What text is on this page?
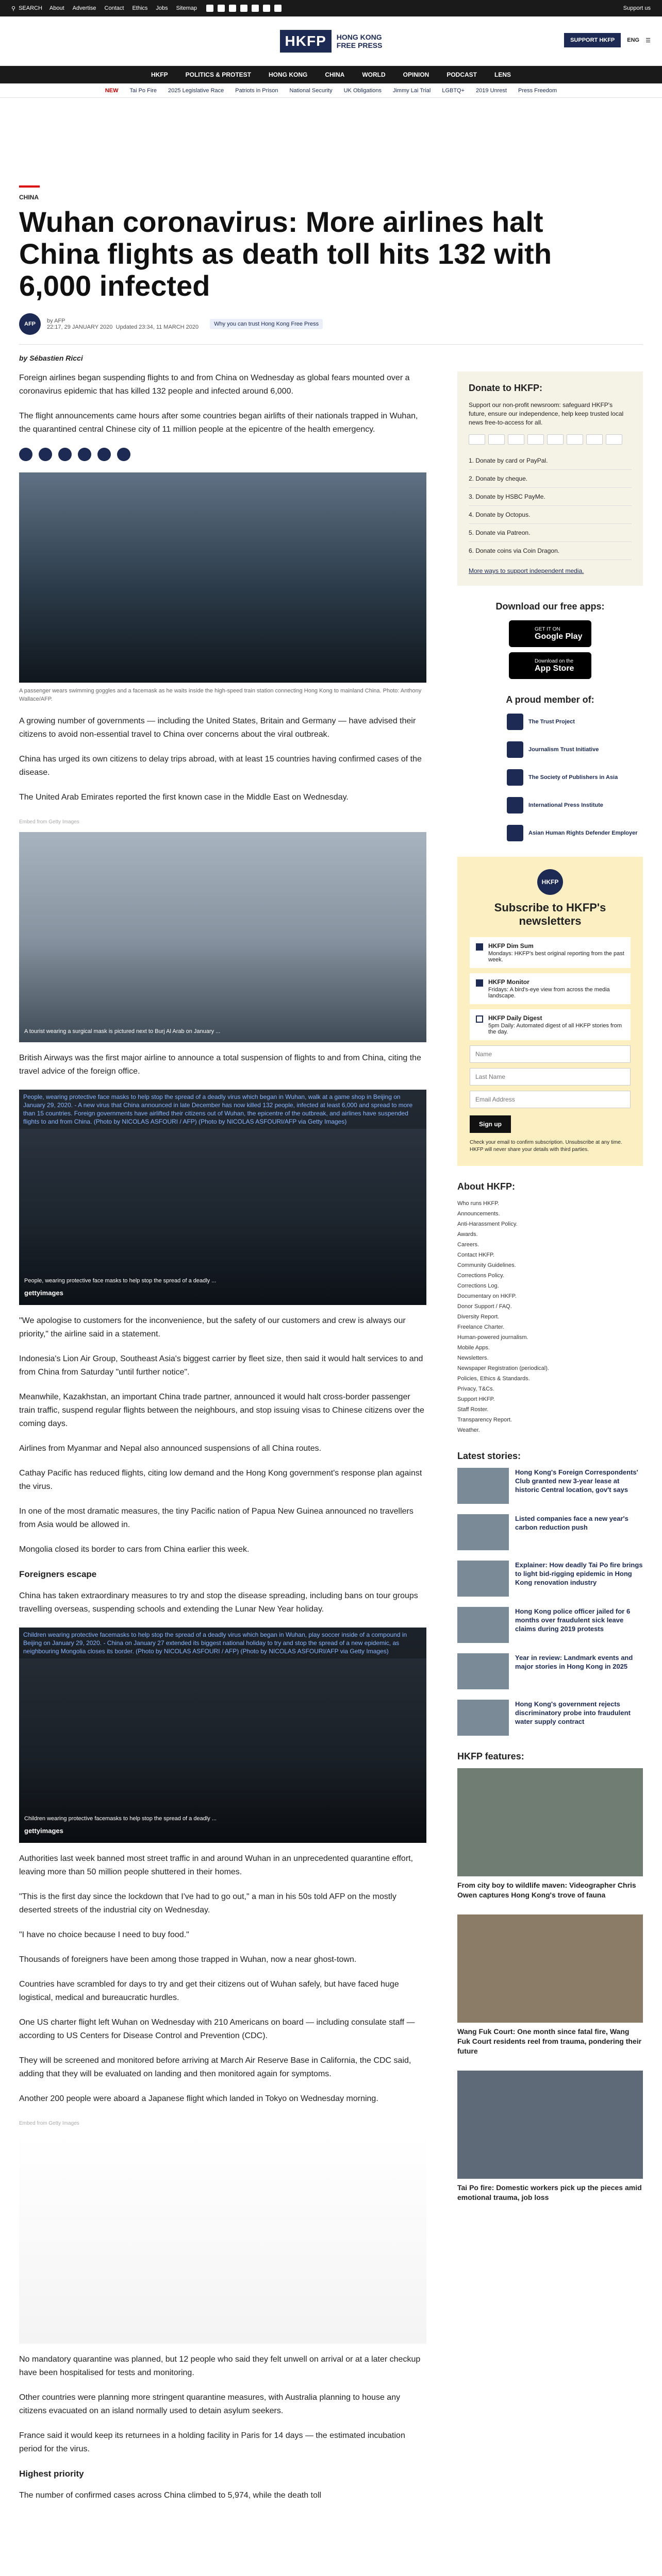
⚲ SEARCH About Advertise Contact Ethics Jobs Sitemap	Support us
HKFP	HONG KONG
FREE PRESS
SUPPORT HKFP	ENG ☰
HKFP	POLITICS & PROTEST	HONG KONG	CHINA	WORLD	OPINION	PODCAST	LENS
NEW Tai Po Fire 2025 Legislative Race Patriots in Prison National Security UK Obligations Jimmy Lai Trial LGBTQ+ 2019 Unrest Press Freedom
CHINA
Wuhan coronavirus: More airlines halt China flights as death toll hits 132 with 6,000 infected
AFP	by AFP
22:17, 29 JANUARY 2020 Updated 23:34, 11 MARCH 2020	Why you can trust Hong Kong Free Press
by Sébastien Ricci

Foreign airlines began suspending flights to and from China on Wednesday as global fears mounted over a coronavirus epidemic that has killed 132 people and infected around 6,000.

The flight announcements came hours after some countries began airlifts of their nationals trapped in Wuhan, the quarantined central Chinese city of 11 million people at the epicentre of the health emergency.

A passenger wears swimming goggles and a facemask as he waits inside the high-speed train station connecting Hong Kong to mainland China. Photo: Anthony Wallace/AFP.

A growing number of governments — including the United States, Britain and Germany — have advised their citizens to avoid non-essential travel to China over concerns about the viral outbreak.

China has urged its own citizens to delay trips abroad, with at least 15 countries having confirmed cases of the disease.

The United Arab Emirates reported the first known case in the Middle East on Wednesday.

Embed from Getty Images
A tourist wearing a surgical mask is pictured next to Burj Al Arab on January ...

British Airways was the first major airline to announce a total suspension of flights to and from China, citing the travel advice of the foreign office.

People, wearing protective face masks to help stop the spread of a deadly virus which began in Wuhan, walk at a game shop in Beijing on January 29, 2020. - A new virus that China announced in late December has now killed 132 people, infected at least 6,000 and spread to more than 15 countries. Foreign governments have airlifted their citizens out of Wuhan, the epicentre of the outbreak, and airlines have suspended flights to and from China. (Photo by NICOLAS ASFOURI / AFP) (Photo by NICOLAS ASFOURI/AFP via Getty Images)
People, wearing protective face masks to help stop the spread of a deadly ...
gettyimages

"We apologise to customers for the inconvenience, but the safety of our customers and crew is always our priority," the airline said in a statement.

Indonesia's Lion Air Group, Southeast Asia's biggest carrier by fleet size, then said it would halt services to and from China from Saturday "until further notice".

Meanwhile, Kazakhstan, an important China trade partner, announced it would halt cross-border passenger train traffic, suspend regular flights between the neighbours, and stop issuing visas to Chinese citizens over the coming days.

Airlines from Myanmar and Nepal also announced suspensions of all China routes.

Cathay Pacific has reduced flights, citing low demand and the Hong Kong government's response plan against the virus.

In one of the most dramatic measures, the tiny Pacific nation of Papua New Guinea announced no travellers from Asia would be allowed in.

Mongolia closed its border to cars from China earlier this week.

Foreigners escape

China has taken extraordinary measures to try and stop the disease spreading, including bans on tour groups travelling overseas, suspending schools and extending the Lunar New Year holiday.

Children wearing protective facemasks to help stop the spread of a deadly virus which began in Wuhan, play soccer inside of a compound in Beijing on January 29, 2020. - China on January 27 extended its biggest national holiday to try and stop the spread of a new epidemic, as neighbouring Mongolia closes its border. (Photo by NICOLAS ASFOURI / AFP) (Photo by NICOLAS ASFOURI/AFP via Getty Images)
Children wearing protective facemasks to help stop the spread of a deadly ...
gettyimages

Authorities last week banned most street traffic in and around Wuhan in an unprecedented quarantine effort, leaving more than 50 million people shuttered in their homes.

"This is the first day since the lockdown that I've had to go out," a man in his 50s told AFP on the mostly deserted streets of the industrial city on Wednesday.

"I have no choice because I need to buy food."

Thousands of foreigners have been among those trapped in Wuhan, now a near ghost-town.

Countries have scrambled for days to try and get their citizens out of Wuhan safely, but have faced huge logistical, medical and bureaucratic hurdles.

One US charter flight left Wuhan on Wednesday with 210 Americans on board — including consulate staff — according to US Centers for Disease Control and Prevention (CDC).

They will be screened and monitored before arriving at March Air Reserve Base in California, the CDC said, adding that they will be evaluated on landing and then monitored again for symptoms.

Another 200 people were aboard a Japanese flight which landed in Tokyo on Wednesday morning.

Embed from Getty Images

No mandatory quarantine was planned, but 12 people who said they felt unwell on arrival or at a later checkup have been hospitalised for tests and monitoring.

Other countries were planning more stringent quarantine measures, with Australia planning to house any citizens evacuated on an island normally used to detain asylum seekers.

France said it would keep its returnees in a holding facility in Paris for 14 days — the estimated incubation period for the virus.

Highest priority

The number of confirmed cases across China climbed to 5,974, while the death toll

Donate to HKFP:

Support our non-profit newsroom: safeguard HKFP's future, ensure our independence, help keep trusted local news free-to-access for all.

1. Donate by card or PayPal.
2. Donate by cheque.
3. Donate by HSBC PayMe.
4. Donate by Octopus.
5. Donate via Patreon.
6. Donate coins via Coin Dragon.
More ways to support independent media.
Download our free apps:
GET IT ON
Google Play
Download on the
App Store
A proud member of:
The Trust Project
Journalism Trust Initiative
The Society of Publishers in Asia
International Press Institute
Asian Human Rights Defender Employer
HKFP
Subscribe to HKFP's newsletters
HKFP Dim Sum
Mondays: HKFP's best original reporting from the past week.
HKFP Monitor
Fridays: A bird's-eye view from across the media landscape.
HKFP Daily Digest
5pm Daily: Automated digest of all HKFP stories from the day.
Name Last Name Email Address
Sign up
Check your email to confirm subscription. Unsubscribe at any time. HKFP will never share your details with third parties.
About HKFP:
Who runs HKFP.
Announcements.
Anti-Harassment Policy.
Awards.
Careers.
Contact HKFP.
Community Guidelines.
Corrections Policy.
Corrections Log.
Documentary on HKFP.
Donor Support / FAQ.
Diversity Report.
Freelance Charter.
Human-powered journalism.
Mobile Apps.
Newsletters.
Newspaper Registration (periodical).
Policies, Ethics & Standards.
Privacy, T&Cs.
Support HKFP.
Staff Roster.
Transparency Report.
Weather.
Latest stories:
Hong Kong's Foreign Correspondents' Club granted new 3-year lease at historic Central location, gov't says
Listed companies face a new year's carbon reduction push
Explainer: How deadly Tai Po fire brings to light bid-rigging epidemic in Hong Kong renovation industry
Hong Kong police officer jailed for 6 months over fraudulent sick leave claims during 2019 protests
Year in review: Landmark events and major stories in Hong Kong in 2025
Hong Kong's government rejects discriminatory probe into fraudulent water supply contract
HKFP features:
From city boy to wildlife maven: Videographer Chris Owen captures Hong Kong's trove of fauna
Wang Fuk Court: One month since fatal fire, Wang Fuk Court residents reel from trauma, pondering their future
Tai Po fire: Domestic workers pick up the pieces amid emotional trauma, job loss
